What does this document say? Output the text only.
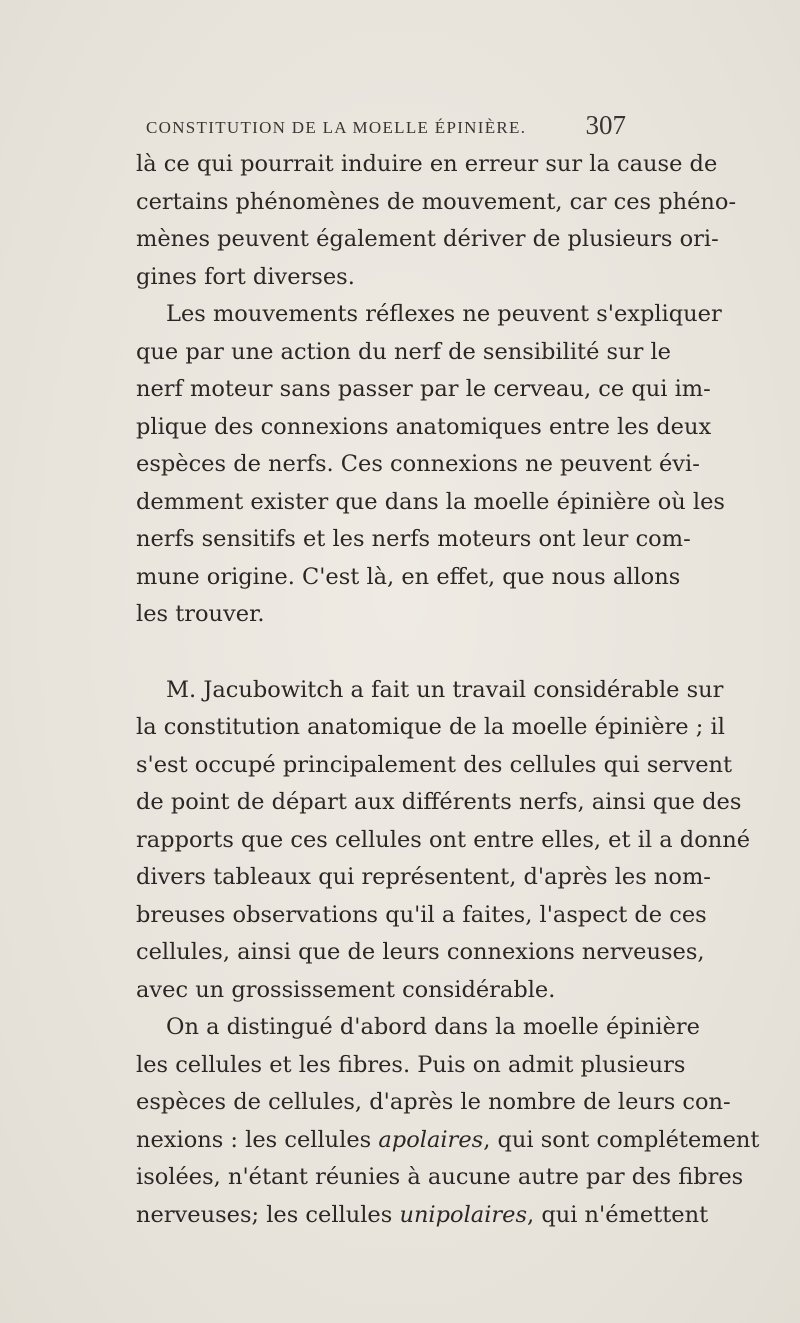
CONSTITUTION DE LA MOELLE ÉPINIÈRE. 307
là ce qui pourrait induire en erreur sur la cause de
certains phénomènes de mouvement, car ces phéno-
mènes peuvent également dériver de plusieurs ori-
gines fort diverses.
Les mouvements réflexes ne peuvent s'expliquer
que par une action du nerf de sensibilité sur le
nerf moteur sans passer par le cerveau, ce qui im-
plique des connexions anatomiques entre les deux
espèces de nerfs. Ces connexions ne peuvent évi-
demment exister que dans la moelle épinière où les
nerfs sensitifs et les nerfs moteurs ont leur com-
mune origine. C'est là, en effet, que nous allons
les trouver.
M. Jacubowitch a fait un travail considérable sur
la constitution anatomique de la moelle épinière ; il
s'est occupé principalement des cellules qui servent
de point de départ aux différents nerfs, ainsi que des
rapports que ces cellules ont entre elles, et il a donné
divers tableaux qui représentent, d'après les nom-
breuses observations qu'il a faites, l'aspect de ces
cellules, ainsi que de leurs connexions nerveuses,
avec un grossissement considérable.
On a distingué d'abord dans la moelle épinière
les cellules et les fibres. Puis on admit plusieurs
espèces de cellules, d'après le nombre de leurs con-
nexions : les cellules apolaires, qui sont complétement
isolées, n'étant réunies à aucune autre par des fibres
nerveuses; les cellules unipolaires, qui n'émettent
